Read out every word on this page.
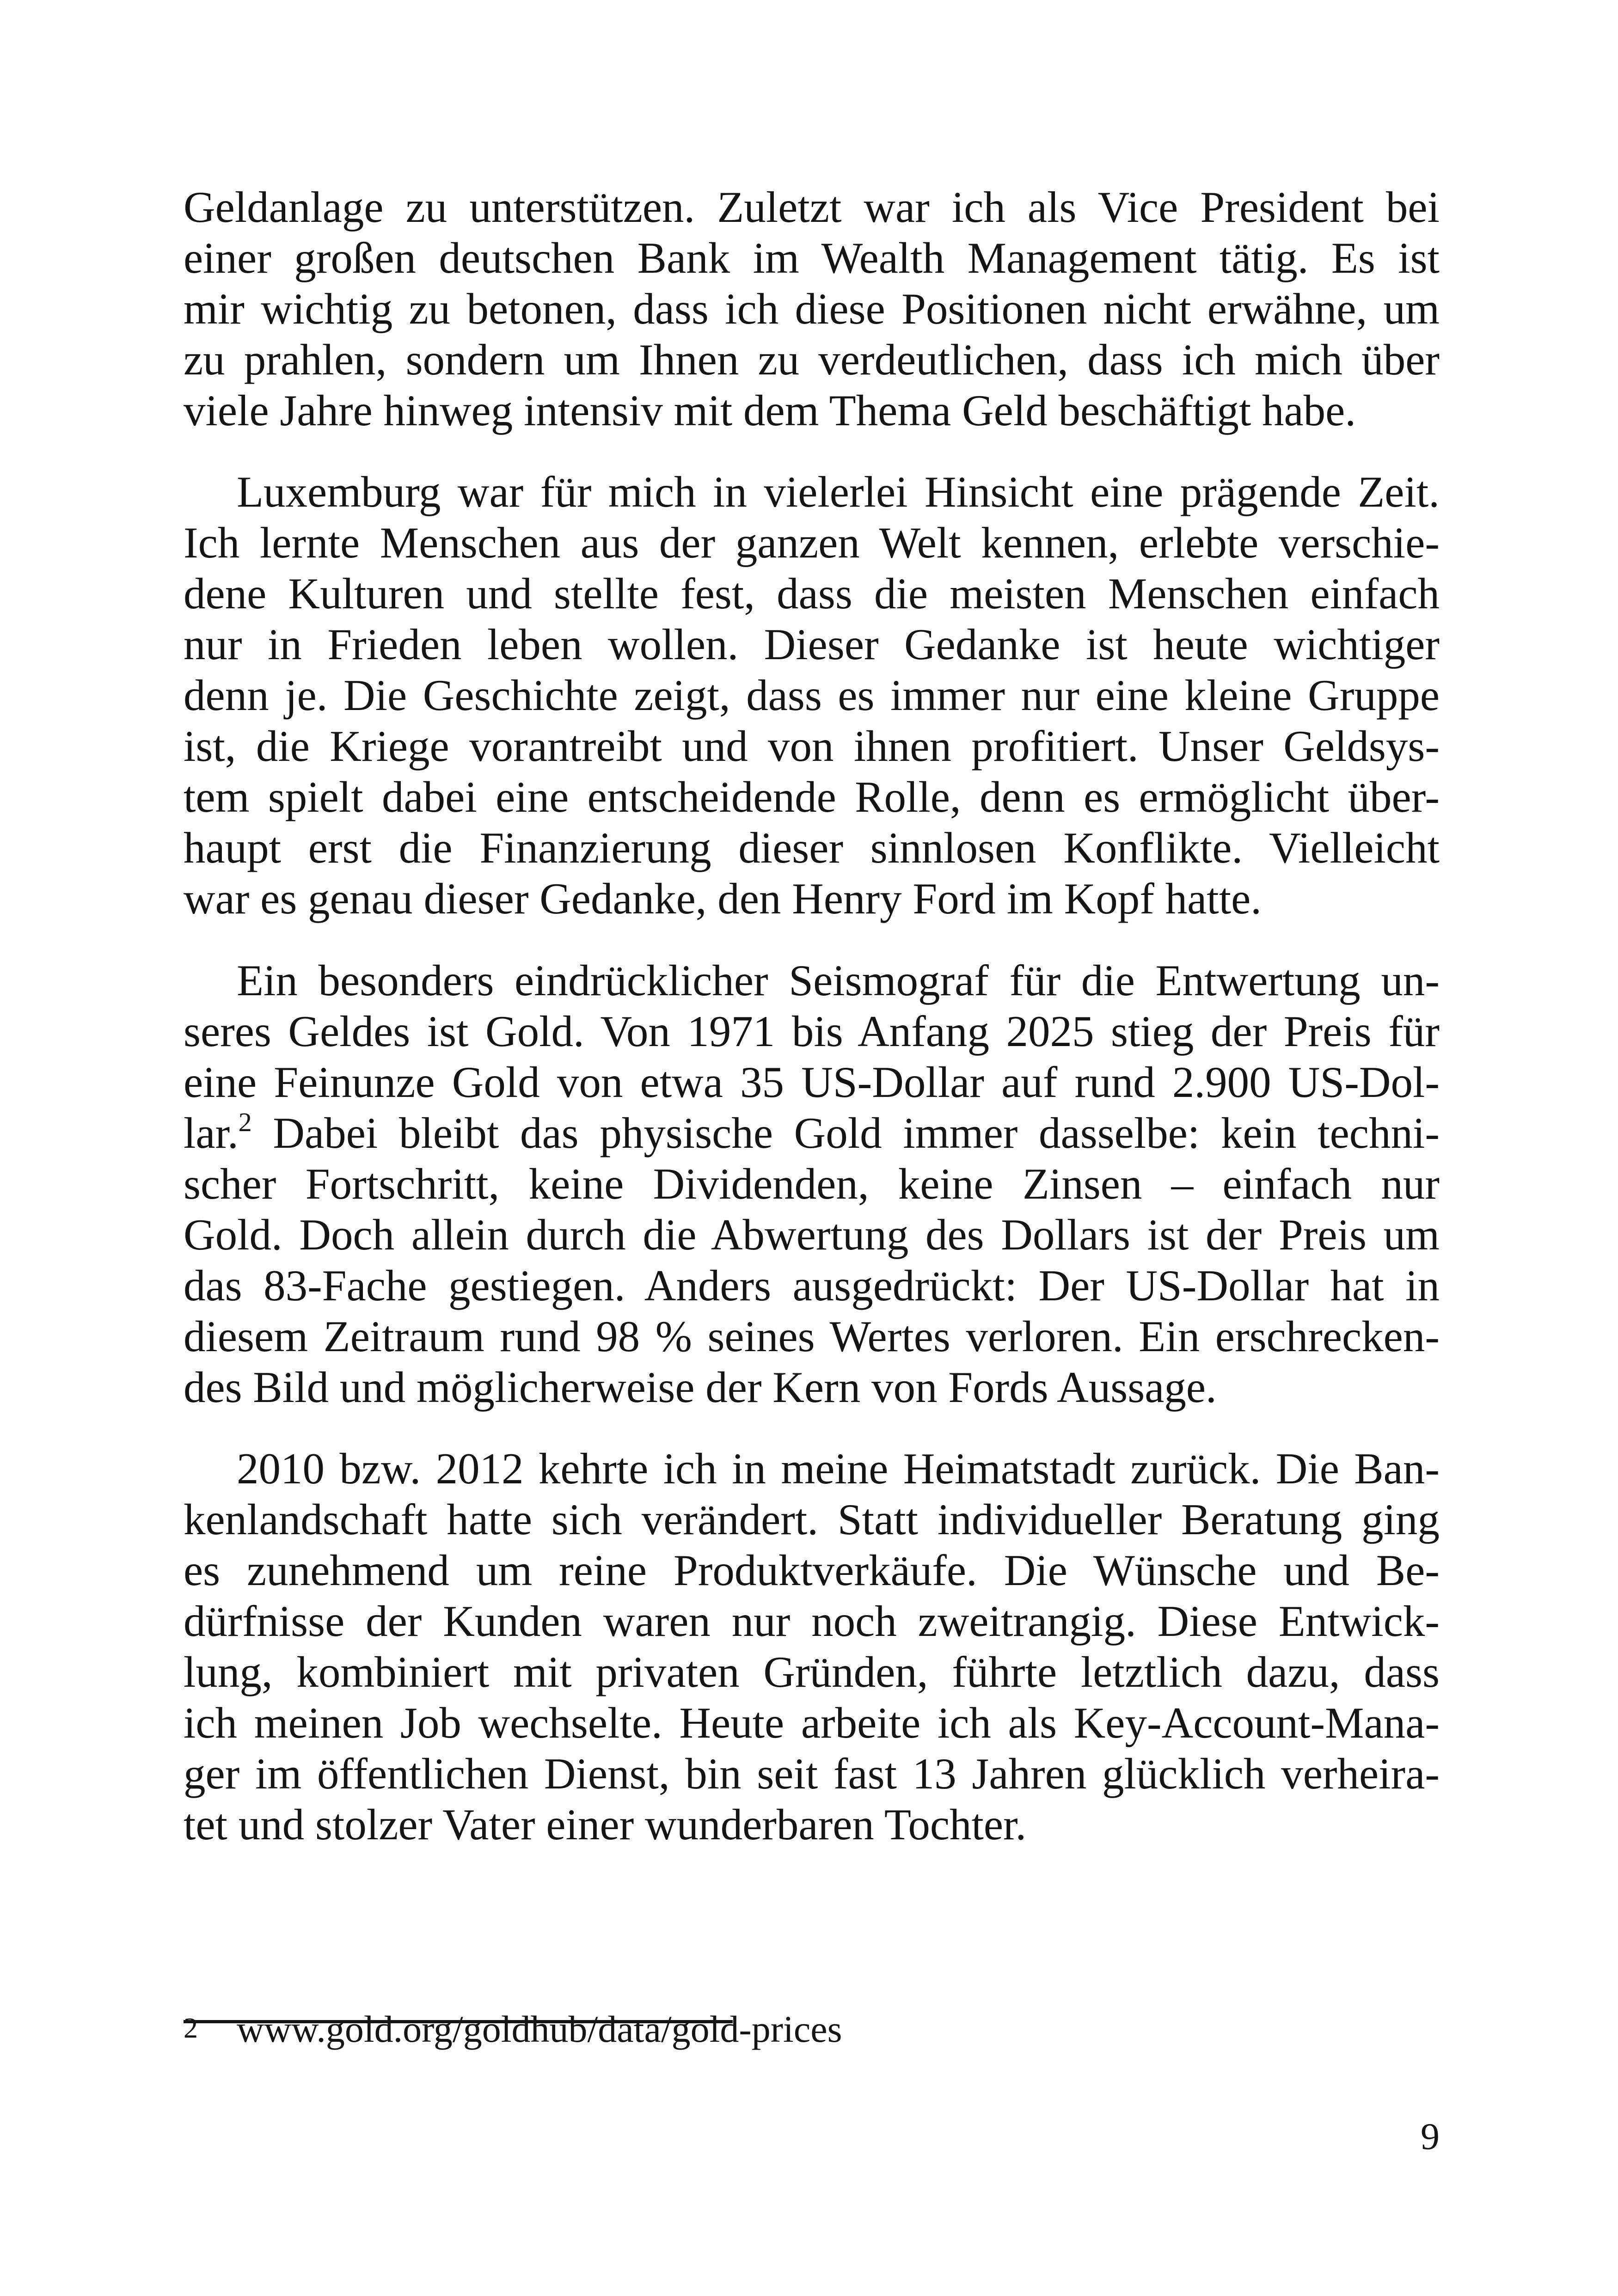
Geldanlage zu unterstützen. Zuletzt war ich als Vice President bei
einer großen deutschen Bank im Wealth Management tätig. Es ist
mir wichtig zu betonen, dass ich diese Positionen nicht erwähne, um
zu prahlen, sondern um Ihnen zu verdeutlichen, dass ich mich über
viele Jahre hinweg intensiv mit dem Thema Geld beschäftigt habe.
Luxemburg war für mich in vielerlei Hinsicht eine prägende Zeit.
Ich lernte Menschen aus der ganzen Welt kennen, erlebte verschie-
dene Kulturen und stellte fest, dass die meisten Menschen einfach
nur in Frieden leben wollen. Dieser Gedanke ist heute wichtiger
denn je. Die Geschichte zeigt, dass es immer nur eine kleine Gruppe
ist, die Kriege vorantreibt und von ihnen profitiert. Unser Geldsys-
tem spielt dabei eine entscheidende Rolle, denn es ermöglicht über-
haupt erst die Finanzierung dieser sinnlosen Konflikte. Vielleicht
war es genau dieser Gedanke, den Henry Ford im Kopf hatte.
Ein besonders eindrücklicher Seismograf für die Entwertung un-
seres Geldes ist Gold. Von 1971 bis Anfang 2025 stieg der Preis für
eine Feinunze Gold von etwa 35 US-Dollar auf rund 2.900 US-Dol-
lar.$^2$ Dabei bleibt das physische Gold immer dasselbe: kein techni-
scher Fortschritt, keine Dividenden, keine Zinsen – einfach nur
Gold. Doch allein durch die Abwertung des Dollars ist der Preis um
das 83-Fache gestiegen. Anders ausgedrückt: Der US-Dollar hat in
diesem Zeitraum rund 98 % seines Wertes verloren. Ein erschrecken-
des Bild und möglicherweise der Kern von Fords Aussage.
2010 bzw. 2012 kehrte ich in meine Heimatstadt zurück. Die Ban-
kenlandschaft hatte sich verändert. Statt individueller Beratung ging
es zunehmend um reine Produktverkäufe. Die Wünsche und Be-
dürfnisse der Kunden waren nur noch zweitrangig. Diese Entwick-
lung, kombiniert mit privaten Gründen, führte letztlich dazu, dass
ich meinen Job wechselte. Heute arbeite ich als Key-Account-Mana-
ger im öffentlichen Dienst, bin seit fast 13 Jahren glücklich verheira-
tet und stolzer Vater einer wunderbaren Tochter.
2 www.gold.org/goldhub/data/gold-prices
9
